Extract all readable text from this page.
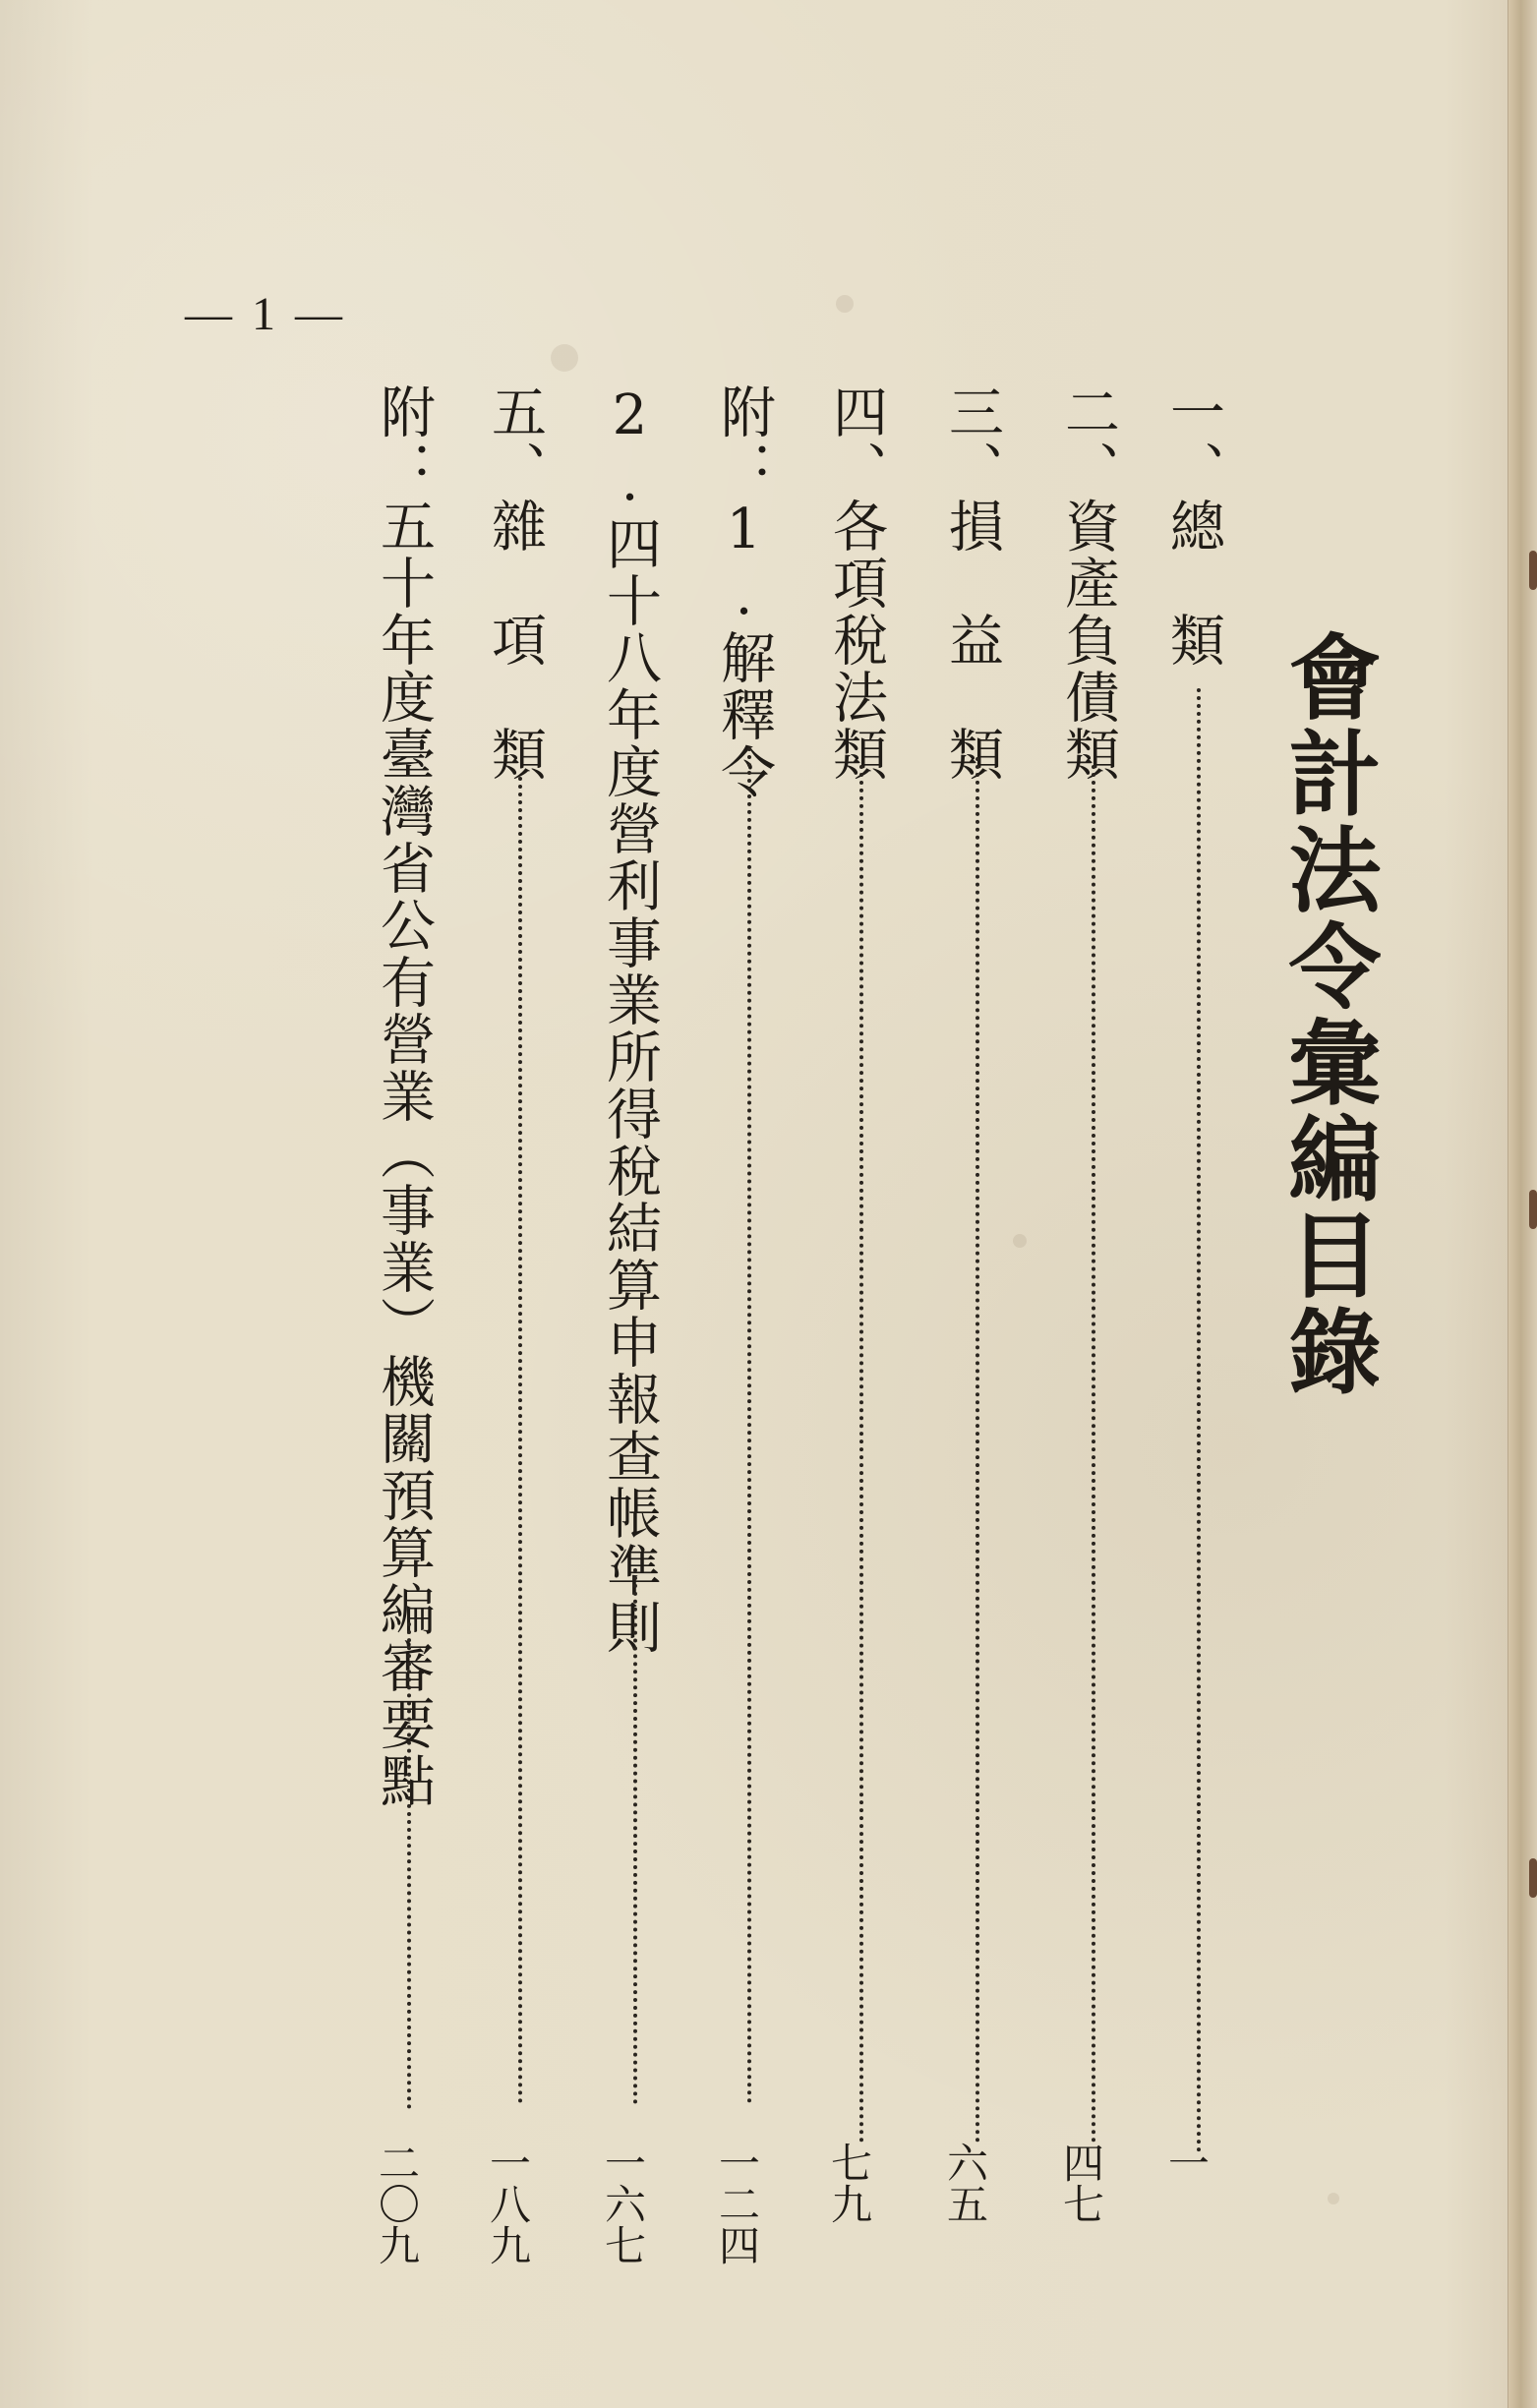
— 1 —
會計法令彙編目錄
一、總　類
一
二、資產負債類
四七
三、損　益　類
六五
四、各項稅法類
七九
附：1.解釋令
一二四
2.四十八年度營利事業所得稅結算申報查帳準則
一六七
五、雜　項　類
一八九
附：五十年度臺灣省公有營業（事業）機關預算編審要點
二〇九
